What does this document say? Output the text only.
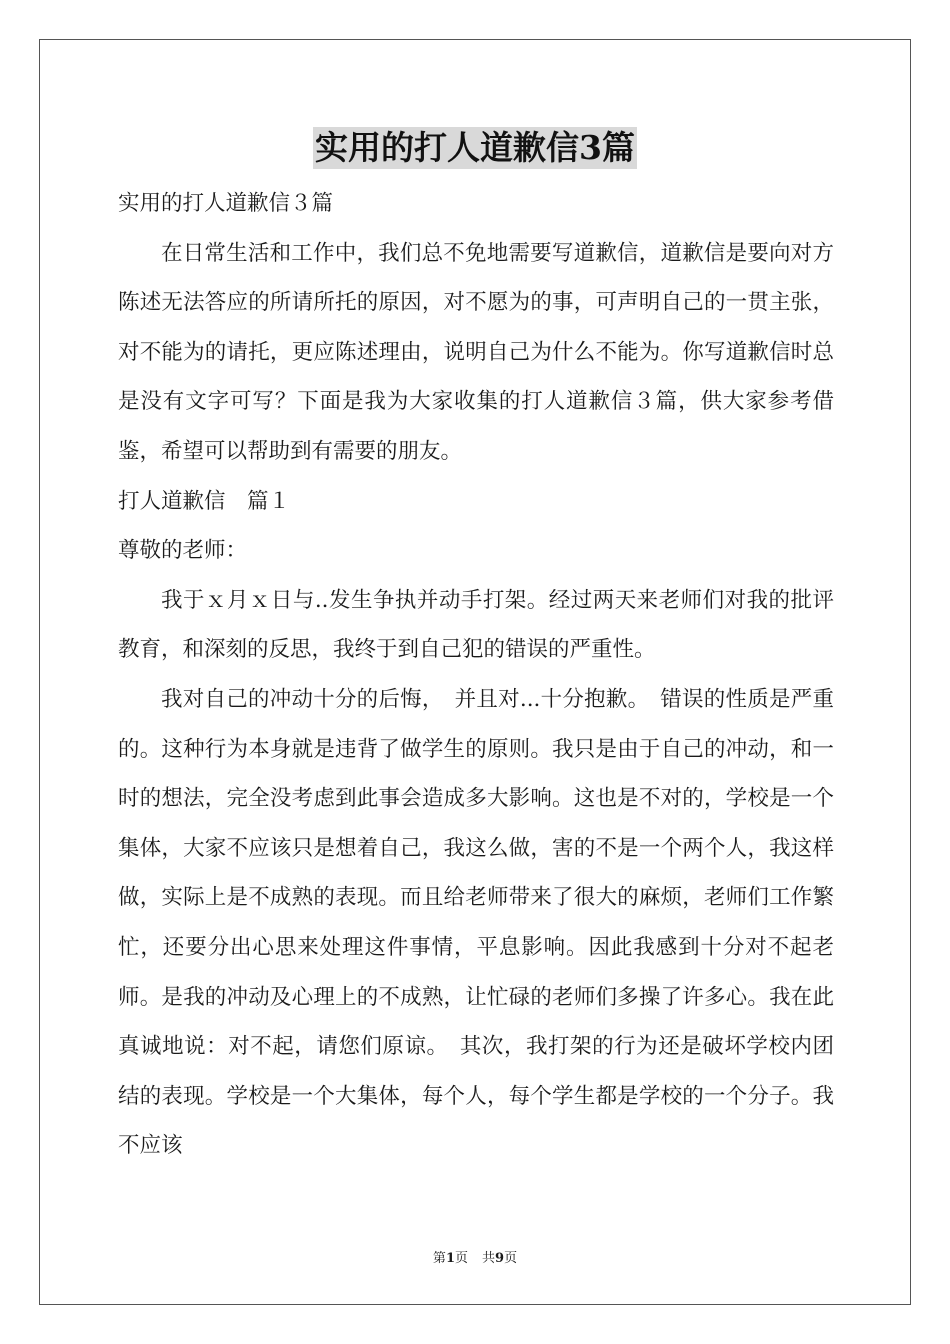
实用的打人道歉信3篇

实用的打人道歉信３篇

在日常生活和工作中，我们总不免地需要写道歉信，道歉信是要向对方陈述无法答应的所请所托的原因，对不愿为的事，可声明自己的一贯主张，对不能为的请托，更应陈述理由，说明自己为什么不能为。你写道歉信时总是没有文字可写？下面是我为大家收集的打人道歉信３篇，供大家参考借鉴，希望可以帮助到有需要的朋友。

打人道歉信　篇１

尊敬的老师：

我于ｘ月ｘ日与..发生争执并动手打架。经过两天来老师们对我的批评教育，和深刻的反思，我终于到自己犯的错误的严重性。

我对自己的冲动十分的后悔，　并且对...十分抱歉。　错误的性质是严重的。这种行为本身就是违背了做学生的原则。我只是由于自己的冲动，和一时的想法，完全没考虑到此事会造成多大影响。这也是不对的，学校是一个集体，大家不应该只是想着自己，我这么做，害的不是一个两个人，我这样做，实际上是不成熟的表现。而且给老师带来了很大的麻烦，老师们工作繁忙，还要分出心思来处理这件事情，平息影响。因此我感到十分对不起老师。是我的冲动及心理上的不成熟，让忙碌的老师们多操了许多心。我在此真诚地说：对不起，请您们原谅。　其次，我打架的行为还是破坏学校内团结的表现。学校是一个大集体，每个人，每个学生都是学校的一个分子。我不应该

第1页 共9页
